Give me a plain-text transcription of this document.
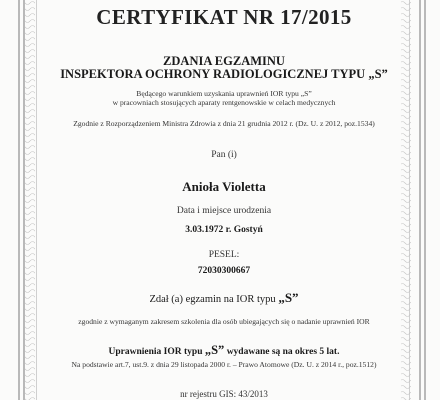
CERTYFIKAT NR 17/2015
ZDANIA EGZAMINU
INSPEKTORA OCHRONY RADIOLOGICZNEJ TYPU „S”
Będącego warunkiem uzyskania uprawnień IOR typu „S”
w pracowniach stosujących aparaty rentgenowskie w celach medycznych
Zgodnie z Rozporządzeniem Ministra Zdrowia z dnia 21 grudnia 2012 r. (Dz. U. z 2012, poz.1534)
Pan (i)
Anioła Violetta
Data i miejsce urodzenia
3.03.1972 r. Gostyń
PESEL:
72030300667
Zdał (a) egzamin na IOR typu „S”
zgodnie z wymaganym zakresem szkolenia dla osób ubiegających się o nadanie uprawnień IOR
Uprawnienia IOR typu „S” wydawane są na okres 5 lat.
Na podstawie art.7, ust.9. z dnia 29 listopada 2000 r. – Prawo Atomowe (Dz. U. z 2014 r., poz.1512)
nr rejestru GIS: 43/2013
